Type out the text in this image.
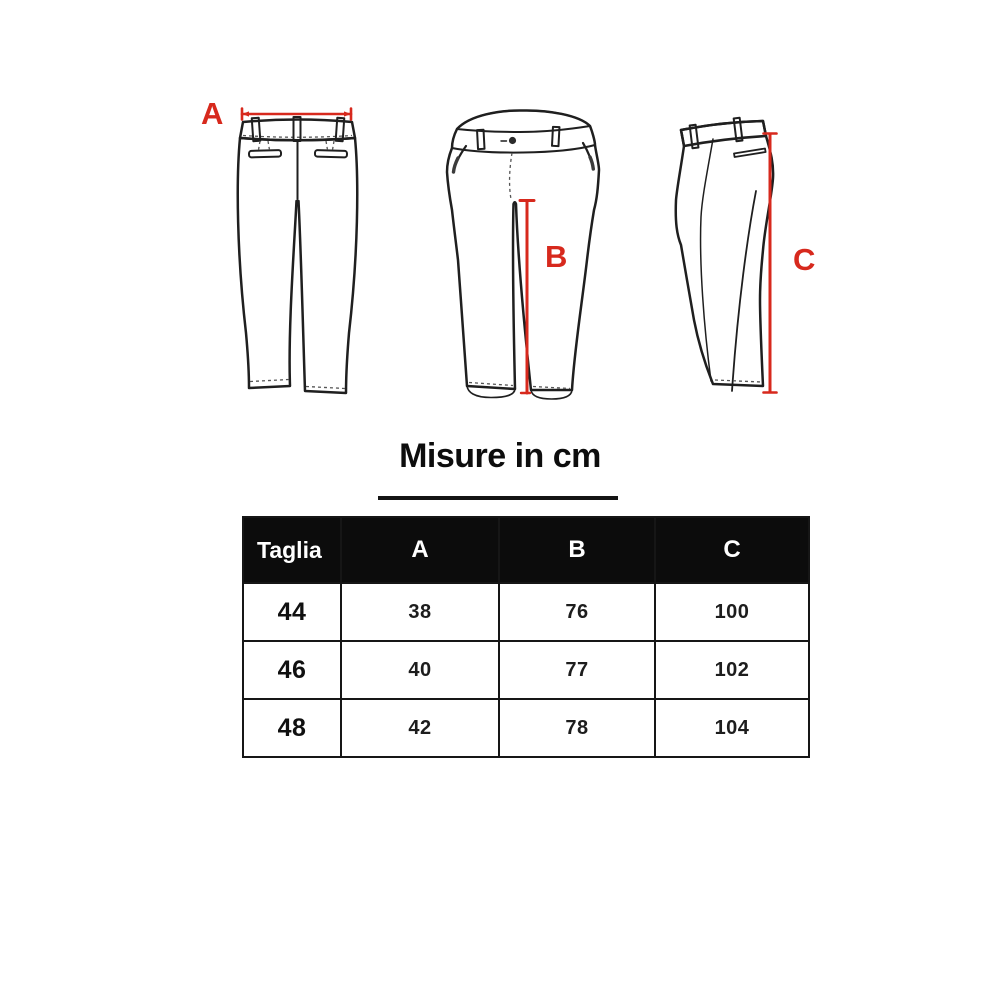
A
B	C
Misure in cm
Taglia	A	B	C
44	38	76	100
46	40	77	102
48	42	78	104
